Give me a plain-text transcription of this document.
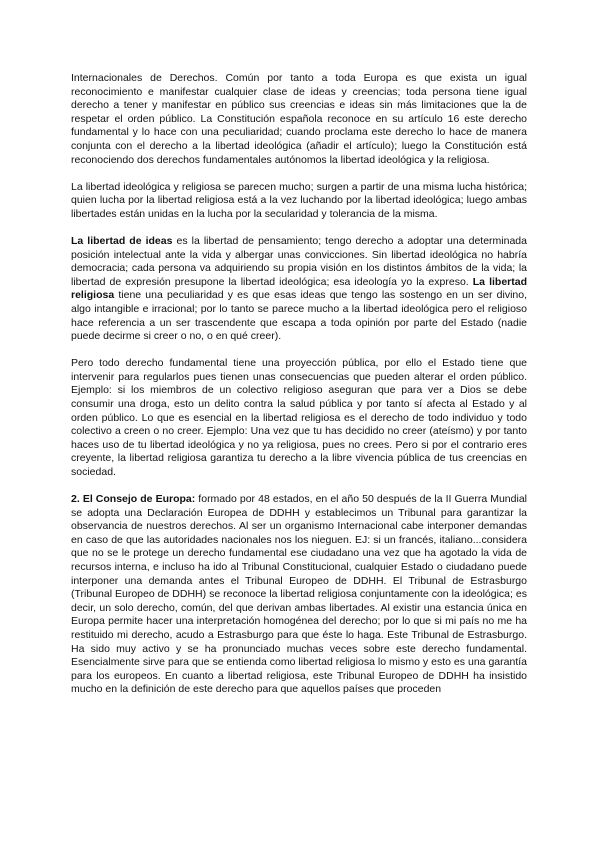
Internacionales de Derechos. Común por tanto a toda Europa es que exista un igual reconocimiento e manifestar cualquier clase de ideas y creencias; toda persona tiene igual derecho a tener y manifestar en público sus creencias e ideas sin más limitaciones que la de respetar el orden público. La Constitución española reconoce en su artículo 16 este derecho fundamental y lo hace con una peculiaridad; cuando proclama este derecho lo hace de manera conjunta con el derecho a la libertad ideológica (añadir el artículo); luego la Constitución está reconociendo dos derechos fundamentales autónomos la libertad ideológica y la religiosa.

La libertad ideológica y religiosa se parecen mucho; surgen a partir de una misma lucha histórica; quien lucha por la libertad religiosa está a la vez luchando por la libertad ideológica; luego ambas libertades están unidas en la lucha por la secularidad y tolerancia de la misma.

La libertad de ideas es la libertad de pensamiento; tengo derecho a adoptar una determinada posición intelectual ante la vida y albergar unas convicciones. Sin libertad ideológica no habría democracia; cada persona va adquiriendo su propia visión en los distintos ámbitos de la vida; la libertad de expresión presupone la libertad ideológica; esa ideología yo la expreso. La libertad religiosa tiene una peculiaridad y es que esas ideas que tengo las sostengo en un ser divino, algo intangible e irracional; por lo tanto se parece mucho a la libertad ideológica pero el religioso hace referencia a un ser trascendente que escapa a toda opinión por parte del Estado (nadie puede decirme si creer o no, o en qué creer).

Pero todo derecho fundamental tiene una proyección pública, por ello el Estado tiene que intervenir para regularlos pues tienen unas consecuencias que pueden alterar el orden público. Ejemplo: si los miembros de un colectivo religioso aseguran que para ver a Dios se debe consumir una droga, esto un delito contra la salud pública y por tanto sí afecta al Estado y al orden público. Lo que es esencial en la libertad religiosa es el derecho de todo individuo y todo colectivo a creen o no creer. Ejemplo: Una vez que tu has decidido no creer (ateísmo) y por tanto haces uso de tu libertad ideológica y no ya religiosa, pues no crees. Pero si por el contrario eres creyente, la libertad religiosa garantiza tu derecho a la libre vivencia pública de tus creencias en sociedad.

2. El Consejo de Europa: formado por 48 estados, en el año 50 después de la II Guerra Mundial se adopta una Declaración Europea de DDHH y establecimos un Tribunal para garantizar la observancia de nuestros derechos. Al ser un organismo Internacional cabe interponer demandas en caso de que las autoridades nacionales nos los nieguen. EJ: si un francés, italiano...considera que no se le protege un derecho fundamental ese ciudadano una vez que ha agotado la vida de recursos interna, e incluso ha ido al Tribunal Constitucional, cualquier Estado o ciudadano puede interponer una demanda antes el Tribunal Europeo de DDHH. El Tribunal de Estrasburgo (Tribunal Europeo de DDHH) se reconoce la libertad religiosa conjuntamente con la ideológica; es decir, un solo derecho, común, del que derivan ambas libertades. Al existir una estancia única en Europa permite hacer una interpretación homogénea del derecho; por lo que si mi país no me ha restituido mi derecho, acudo a Estrasburgo para que éste lo haga. Este Tribunal de Estrasburgo. Ha sido muy activo y se ha pronunciado muchas veces sobre este derecho fundamental. Esencialmente sirve para que se entienda como libertad religiosa lo mismo y esto es una garantía para los europeos. En cuanto a libertad religiosa, este Tribunal Europeo de DDHH ha insistido mucho en la definición de este derecho para que aquellos países que proceden
